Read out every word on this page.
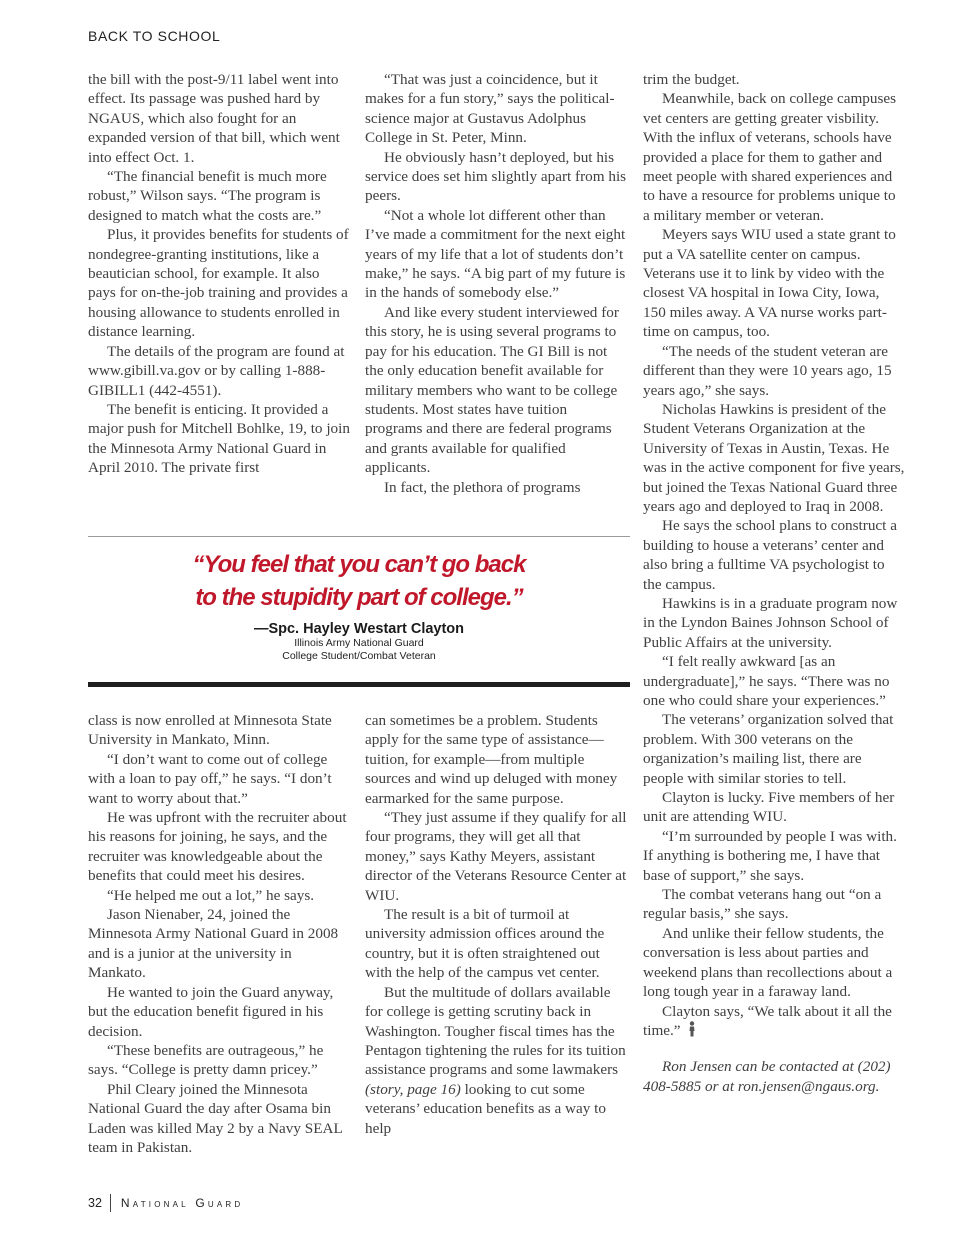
BACK TO SCHOOL

the bill with the post-9/11 label went into effect. Its passage was pushed hard by NGAUS, which also fought for an expanded version of that bill, which went into effect Oct. 1.

“The financial benefit is much more robust,” Wilson says. “The program is designed to match what the costs are.”

Plus, it provides benefits for students of nondegree-granting institutions, like a beautician school, for example. It also pays for on-the-job training and provides a housing allowance to students enrolled in distance learning.

The details of the program are found at www.gibill.va.gov or by calling 1-888-GIBILL1 (442-4551).

The benefit is enticing. It provided a major push for Mitchell Bohlke, 19, to join the Minnesota Army National Guard in April 2010. The private first

“That was just a coincidence, but it makes for a fun story,” says the political-science major at Gustavus Adolphus College in St. Peter, Minn.

He obviously hasn’t deployed, but his service does set him slightly apart from his peers.

“Not a whole lot different other than I’ve made a commitment for the next eight years of my life that a lot of students don’t make,” he says. “A big part of my future is in the hands of somebody else.”

And like every student interviewed for this story, he is using several programs to pay for his education. The GI Bill is not the only education benefit available for military members who want to be college students. Most states have tuition programs and there are federal programs and grants available for qualified applicants.

In fact, the plethora of programs

trim the budget.

Meanwhile, back on college campuses vet centers are getting greater visbility. With the influx of veterans, schools have provided a place for them to gather and meet people with shared experiences and to have a resource for problems unique to a military member or veteran.

Meyers says WIU used a state grant to put a VA satellite center on campus. Veterans use it to link by video with the closest VA hospital in Iowa City, Iowa, 150 miles away. A VA nurse works part-time on campus, too.

“The needs of the student veteran are different than they were 10 years ago, 15 years ago,” she says.

Nicholas Hawkins is president of the Student Veterans Organization at the University of Texas in Austin, Texas. He was in the active component for five years, but joined the Texas National Guard three years ago and deployed to Iraq in 2008.

He says the school plans to construct a building to house a veterans’ center and also bring a fulltime VA psychologist to the campus.

Hawkins is in a graduate program now in the Lyndon Baines Johnson School of Public Affairs at the university.

“I felt really awkward [as an undergraduate],” he says. “There was no one who could share your experiences.”

The veterans’ organization solved that problem. With 300 veterans on the organization’s mailing list, there are people with similar stories to tell.

Clayton is lucky. Five members of her unit are attending WIU.

“I’m surrounded by people I was with. If anything is bothering me, I have that base of support,” she says.

The combat veterans hang out “on a regular basis,” she says.

And unlike their fellow students, the conversation is less about parties and weekend plans than recollections about a long tough year in a faraway land.

Clayton says, “We talk about it all the time.”

Ron Jensen can be contacted at (202) 408-5885 or at ron.jensen@ngaus.org.

“You feel that you can’t go back
to the stupidity part of college.”
—Spc. Hayley Westart Clayton
Illinois Army National Guard
College Student/Combat Veteran

class is now enrolled at Minnesota State University in Mankato, Minn.

“I don’t want to come out of college with a loan to pay off,” he says. “I don’t want to worry about that.”

He was upfront with the recruiter about his reasons for joining, he says, and the recruiter was knowledgeable about the benefits that could meet his desires.

“He helped me out a lot,” he says.

Jason Nienaber, 24, joined the Minnesota Army National Guard in 2008 and is a junior at the university in Mankato.

He wanted to join the Guard anyway, but the education benefit figured in his decision.

“These benefits are outrageous,” he says. “College is pretty damn pricey.”

Phil Cleary joined the Minnesota National Guard the day after Osama bin Laden was killed May 2 by a Navy SEAL team in Pakistan.

can sometimes be a problem. Students apply for the same type of assistance—tuition, for example—from multiple sources and wind up deluged with money earmarked for the same purpose.

“They just assume if they qualify for all four programs, they will get all that money,” says Kathy Meyers, assistant director of the Veterans Resource Center at WIU.

The result is a bit of turmoil at university admission offices around the country, but it is often straightened out with the help of the campus vet center.

But the multitude of dollars available for college is getting scrutiny back in Washington. Tougher fiscal times has the Pentagon tightening the rules for its tuition assistance programs and some lawmakers (story, page 16) looking to cut some veterans’ education benefits as a way to help

32 National Guard
